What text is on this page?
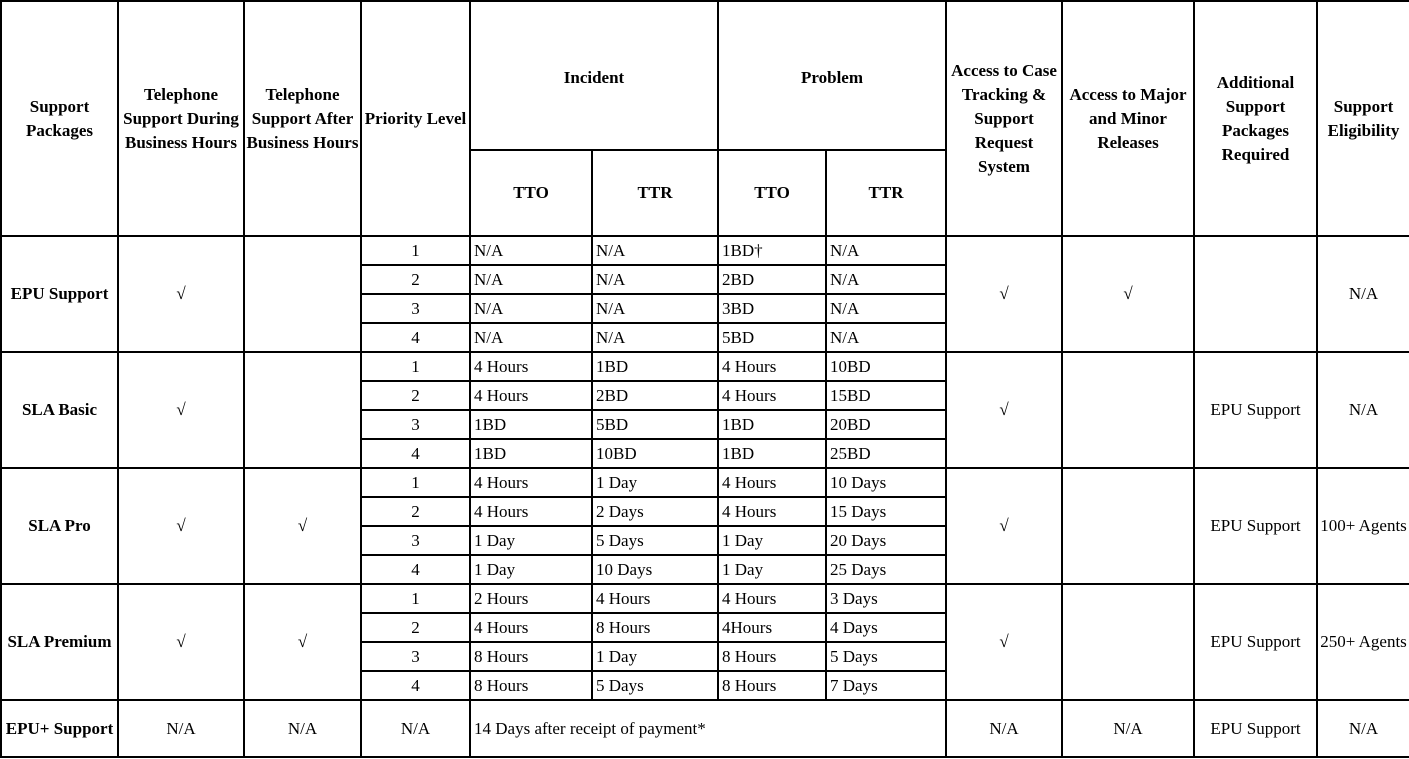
Support Packages	Telephone Support During Business Hours	Telephone Support After Business Hours	Priority Level	Incident		Problem		Access to Case Tracking & Support Request System	Access to Major and Minor Releases	Additional Support Packages Required	Support Eligibility
				TTO	TTR	TTO	TTR				
EPU Support	√		1	N/A	N/A	1BD†	N/A	√	√		N/A
			2	N/A	N/A	2BD	N/A				
			3	N/A	N/A	3BD	N/A				
			4	N/A	N/A	5BD	N/A				
SLA Basic	√		1	4 Hours	1BD	4 Hours	10BD	√		EPU Support	N/A
			2	4 Hours	2BD	4 Hours	15BD				
			3	1BD	5BD	1BD	20BD				
			4	1BD	10BD	1BD	25BD				
SLA Pro	√	√	1	4 Hours	1 Day	4 Hours	10 Days	√		EPU Support	100+ Agents
			2	4 Hours	2 Days	4 Hours	15 Days				
			3	1 Day	5 Days	1 Day	20 Days				
			4	1 Day	10 Days	1 Day	25 Days				
SLA Premium	√	√	1	2 Hours	4 Hours	4 Hours	3 Days	√		EPU Support	250+ Agents
			2	4 Hours	8 Hours	4Hours	4 Days				
			3	8 Hours	1 Day	8 Hours	5 Days				
			4	8 Hours	5 Days	8 Hours	7 Days				
EPU+ Support	N/A	N/A	N/A	14 Days after receipt of payment*				N/A	N/A	EPU Support	N/A
